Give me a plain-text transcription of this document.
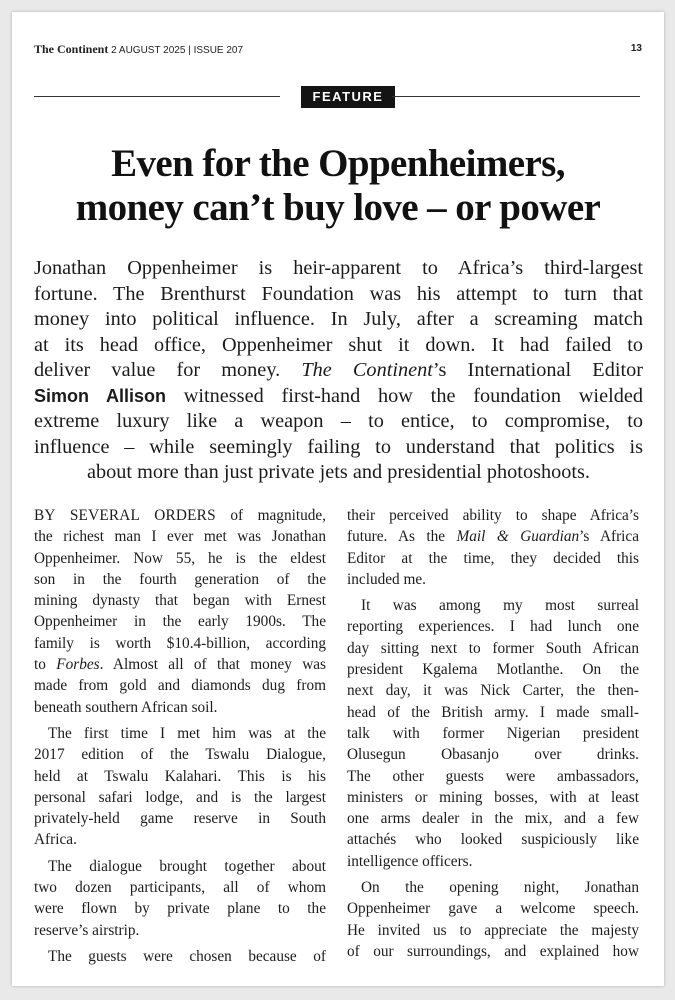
The Continent 2 AUGUST 2025 | ISSUE 207	13
FEATURE
Even for the Oppenheimers,
money can’t buy love – or power
Jonathan Oppenheimer is heir-apparent to Africa’s third-largest
fortune. The Brenthurst Foundation was his attempt to turn that
money into political influence. In July, after a screaming match
at its head office, Oppenheimer shut it down. It had failed to
deliver value for money. The Continent’s International Editor
Simon Allison witnessed first-hand how the foundation wielded
extreme luxury like a weapon – to entice, to compromise, to
influence – while seemingly failing to understand that politics is
about more than just private jets and presidential photoshoots.
BY SEVERAL ORDERS of magnitude,
the richest man I ever met was Jonathan
Oppenheimer. Now 55, he is the eldest
son in the fourth generation of the
mining dynasty that began with Ernest
Oppenheimer in the early 1900s. The
family is worth $10.4-billion, according
to Forbes. Almost all of that money was
made from gold and diamonds dug from
beneath southern African soil.
The first time I met him was at the
2017 edition of the Tswalu Dialogue,
held at Tswalu Kalahari. This is his
personal safari lodge, and is the largest
privately-held game reserve in South
Africa.
The dialogue brought together about
two dozen participants, all of whom
were flown by private plane to the
reserve’s airstrip.
The guests were chosen because of
their perceived ability to shape Africa’s
future. As the Mail & Guardian’s Africa
Editor at the time, they decided this
included me.
It was among my most surreal
reporting experiences. I had lunch one
day sitting next to former South African
president Kgalema Motlanthe. On the
next day, it was Nick Carter, the then-
head of the British army. I made small-
talk with former Nigerian president
Olusegun Obasanjo over drinks.
The other guests were ambassadors,
ministers or mining bosses, with at least
one arms dealer in the mix, and a few
attachés who looked suspiciously like
intelligence officers.
On the opening night, Jonathan
Oppenheimer gave a welcome speech.
He invited us to appreciate the majesty
of our surroundings, and explained how
